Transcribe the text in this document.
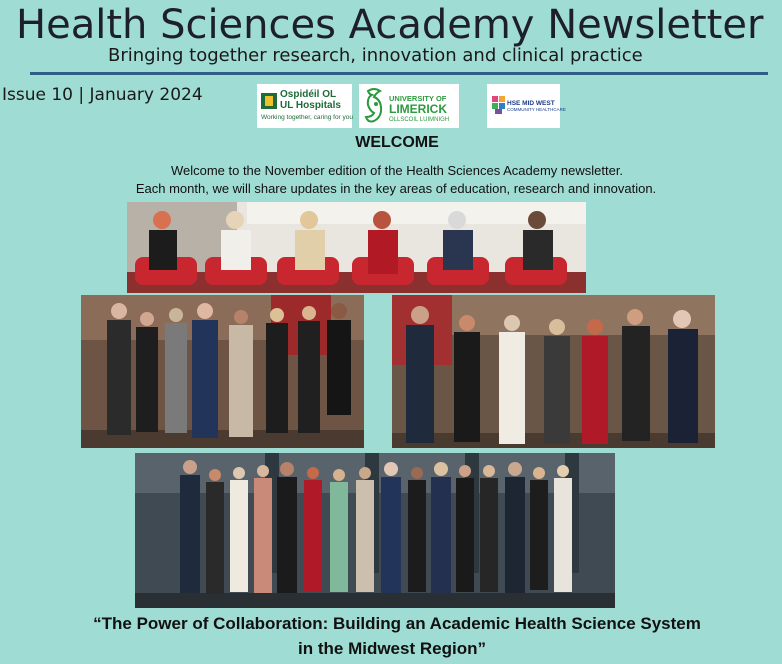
Health Sciences Academy Newsletter
Bringing together research, innovation and clinical practice
Issue 10 | January 2024	Ospidéil OL
UL Hospitals
Working together, caring for you
UNIVERSITY OF
LIMERICK
OLLSCOIL LUIMNIGH
HSE MID WEST
COMMUNITY HEALTHCARE
WELCOME
Welcome to the November edition of the Health Sciences Academy newsletter.
Each month, we will share updates in the key areas of education, research and innovation.
“The Power of Collaboration: Building an Academic Health Science System
in the Midwest Region”
